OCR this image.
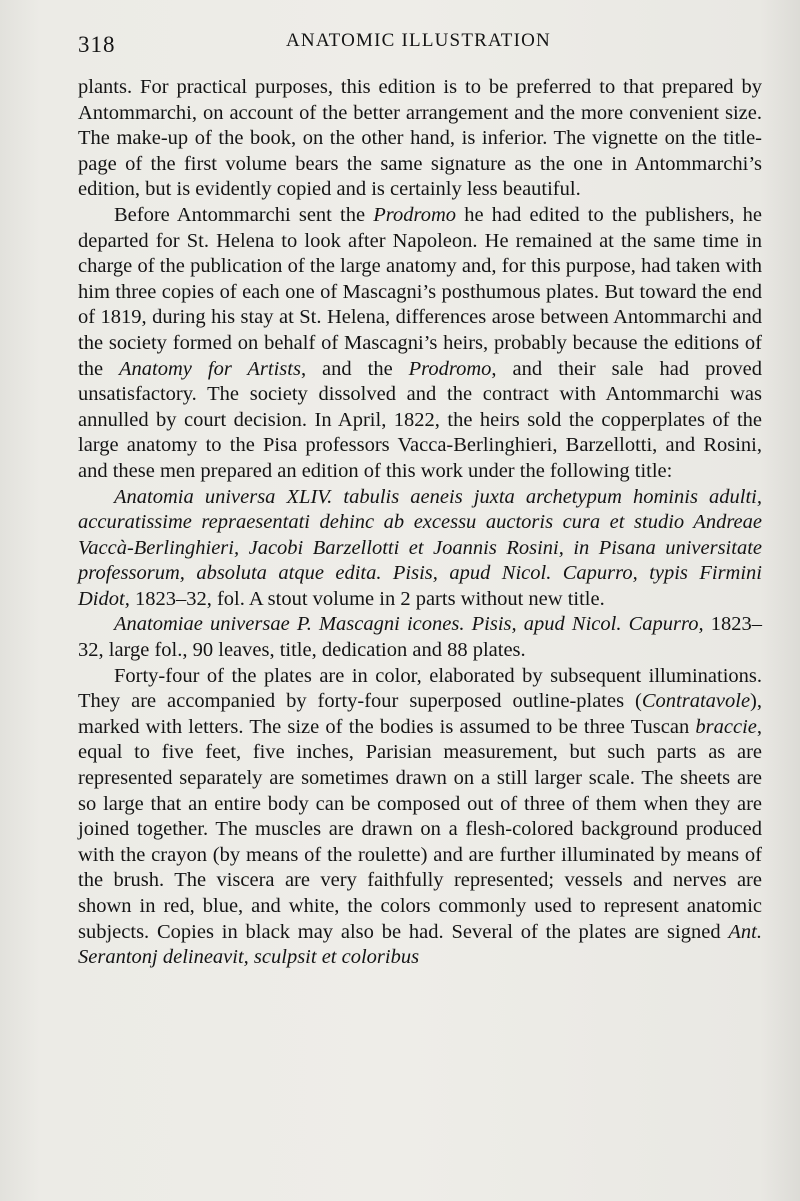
318	ANATOMIC ILLUSTRATION

plants. For practical purposes, this edition is to be preferred to that prepared by Antommarchi, on account of the better arrangement and the more convenient size. The make-up of the book, on the other hand, is inferior. The vignette on the title-page of the first volume bears the same signature as the one in Antommarchi’s edition, but is evidently copied and is certainly less beautiful.

Before Antommarchi sent the Prodromo he had edited to the publishers, he departed for St. Helena to look after Napoleon. He remained at the same time in charge of the publication of the large anatomy and, for this purpose, had taken with him three copies of each one of Mascagni’s posthumous plates. But toward the end of 1819, during his stay at St. Helena, differences arose between Antommarchi and the society formed on behalf of Mascagni’s heirs, probably because the editions of the Anatomy for Artists, and the Prodromo, and their sale had proved unsatisfactory. The society dissolved and the contract with Antommarchi was annulled by court decision. In April, 1822, the heirs sold the copperplates of the large anatomy to the Pisa professors Vacca-Berlinghieri, Barzellotti, and Rosini, and these men prepared an edition of this work under the following title:

Anatomia universa XLIV. tabulis aeneis juxta archetypum hominis adulti, accuratissime repraesentati dehinc ab excessu auctoris cura et studio Andreae Vaccà-Berlinghieri, Jacobi Barzellotti et Joannis Rosini, in Pisana universitate professorum, absoluta atque edita. Pisis, apud Nicol. Capurro, typis Firmini Didot, 1823–32, fol. A stout volume in 2 parts without new title.

Anatomiae universae P. Mascagni icones. Pisis, apud Nicol. Capurro, 1823–32, large fol., 90 leaves, title, dedication and 88 plates.

Forty-four of the plates are in color, elaborated by subsequent illuminations. They are accompanied by forty-four superposed outline-plates (Contratavole), marked with letters. The size of the bodies is assumed to be three Tuscan braccie, equal to five feet, five inches, Parisian measurement, but such parts as are represented separately are sometimes drawn on a still larger scale. The sheets are so large that an entire body can be composed out of three of them when they are joined together. The muscles are drawn on a flesh-colored background produced with the crayon (by means of the roulette) and are further illuminated by means of the brush. The viscera are very faithfully represented; vessels and nerves are shown in red, blue, and white, the colors commonly used to represent anatomic subjects. Copies in black may also be had. Several of the plates are signed Ant. Serantonj delineavit, sculpsit et coloribus
